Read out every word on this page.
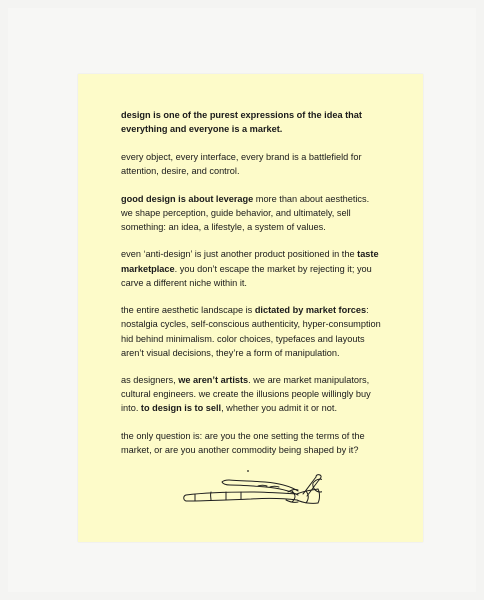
design is one of the purest expressions of the idea that everything and everyone is a market.

every object, every interface, every brand is a battlefield for attention, desire, and control.

good design is about leverage more than about aesthetics. we shape perception, guide behavior, and ultimately, sell something: an idea, a lifestyle, a system of values.

even ‘anti-design’ is just another product positioned in the taste marketplace. you don’t escape the market by rejecting it; you carve a different niche within it.

the entire aesthetic landscape is dictated by market forces: nostalgia cycles, self-conscious authenticity, hyper-consumption hid behind minimalism. color choices, typefaces and layouts aren’t visual decisions, they’re a form of manipulation.

as designers, we aren’t artists. we are market manipulators, cultural engineers. we create the illusions people willingly buy into. to design is to sell, whether you admit it or not.

the only question is: are you the one setting the terms of the market, or are you another commodity being shaped by it?
